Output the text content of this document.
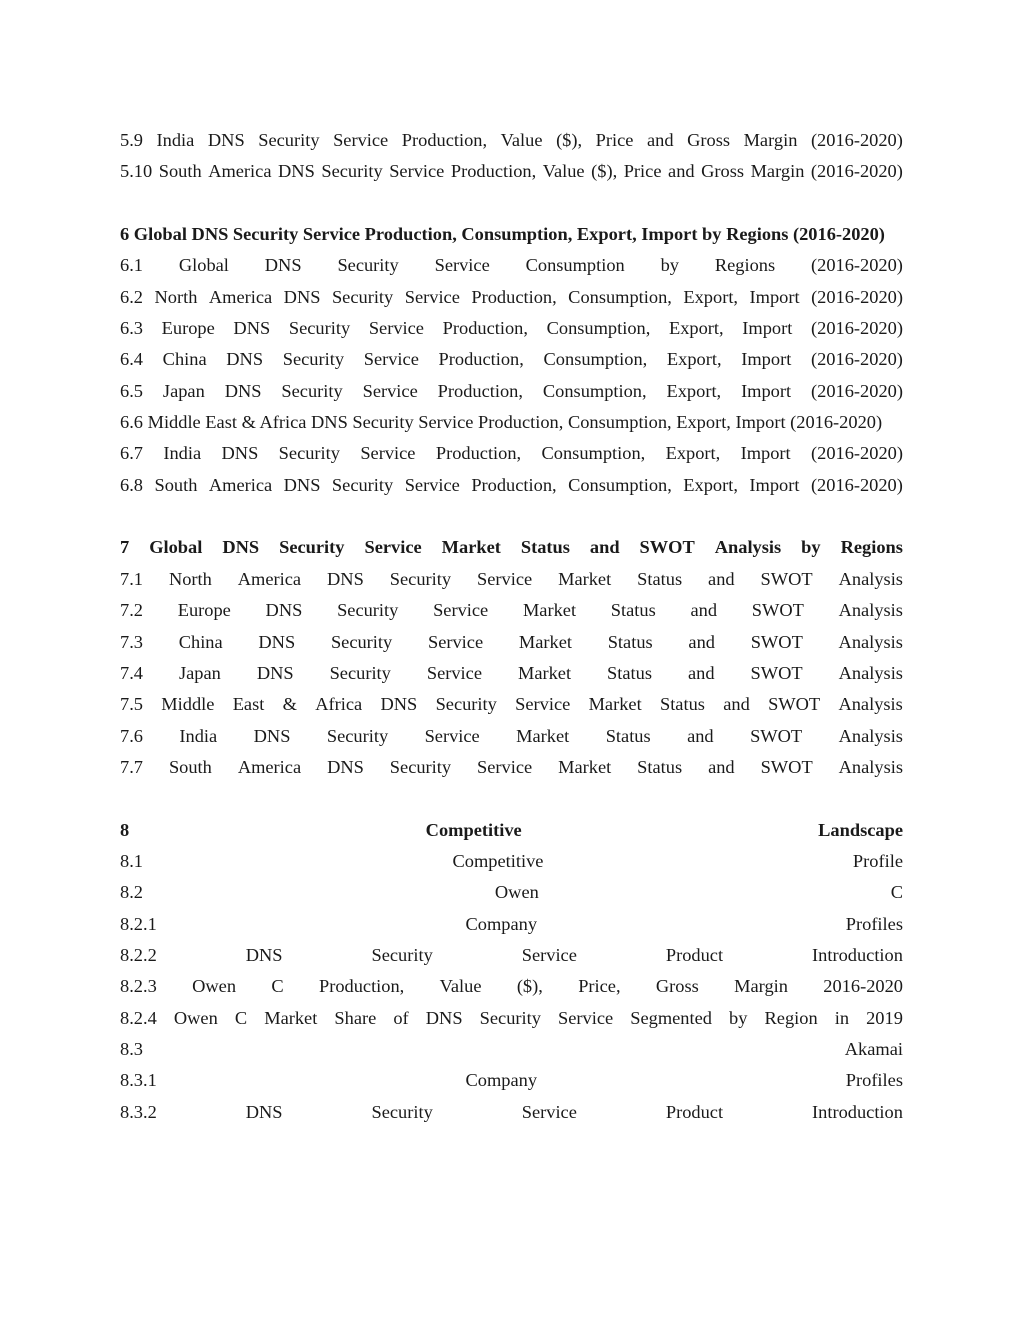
5.9 India DNS Security Service Production, Value ($), Price and Gross Margin (2016-2020)
5.10 South America DNS Security Service Production, Value ($), Price and Gross Margin (2016-2020)
6 Global DNS Security Service Production, Consumption, Export, Import by Regions (2016-2020)
6.1 Global DNS Security Service Consumption by Regions (2016-2020)
6.2 North America DNS Security Service Production, Consumption, Export, Import (2016-2020)
6.3 Europe DNS Security Service Production, Consumption, Export, Import (2016-2020)
6.4 China DNS Security Service Production, Consumption, Export, Import (2016-2020)
6.5 Japan DNS Security Service Production, Consumption, Export, Import (2016-2020)
6.6 Middle East & Africa DNS Security Service Production, Consumption, Export, Import (2016-2020)
6.7 India DNS Security Service Production, Consumption, Export, Import (2016-2020)
6.8 South America DNS Security Service Production, Consumption, Export, Import (2016-2020)
7 Global DNS Security Service Market Status and SWOT Analysis by Regions
7.1 North America DNS Security Service Market Status and SWOT Analysis
7.2 Europe DNS Security Service Market Status and SWOT Analysis
7.3 China DNS Security Service Market Status and SWOT Analysis
7.4 Japan DNS Security Service Market Status and SWOT Analysis
7.5 Middle East & Africa DNS Security Service Market Status and SWOT Analysis
7.6 India DNS Security Service Market Status and SWOT Analysis
7.7 South America DNS Security Service Market Status and SWOT Analysis
8	Competitive	Landscape
8.1	Competitive	Profile
8.2	Owen	C
8.2.1	Company	Profiles
8.2.2	DNS	Security	Service	Product	Introduction
8.2.3 Owen C Production, Value ($), Price, Gross Margin 2016-2020
8.2.4 Owen C Market Share of DNS Security Service Segmented by Region in 2019
8.3	Akamai
8.3.1	Company	Profiles
8.3.2	DNS	Security	Service	Product	Introduction
